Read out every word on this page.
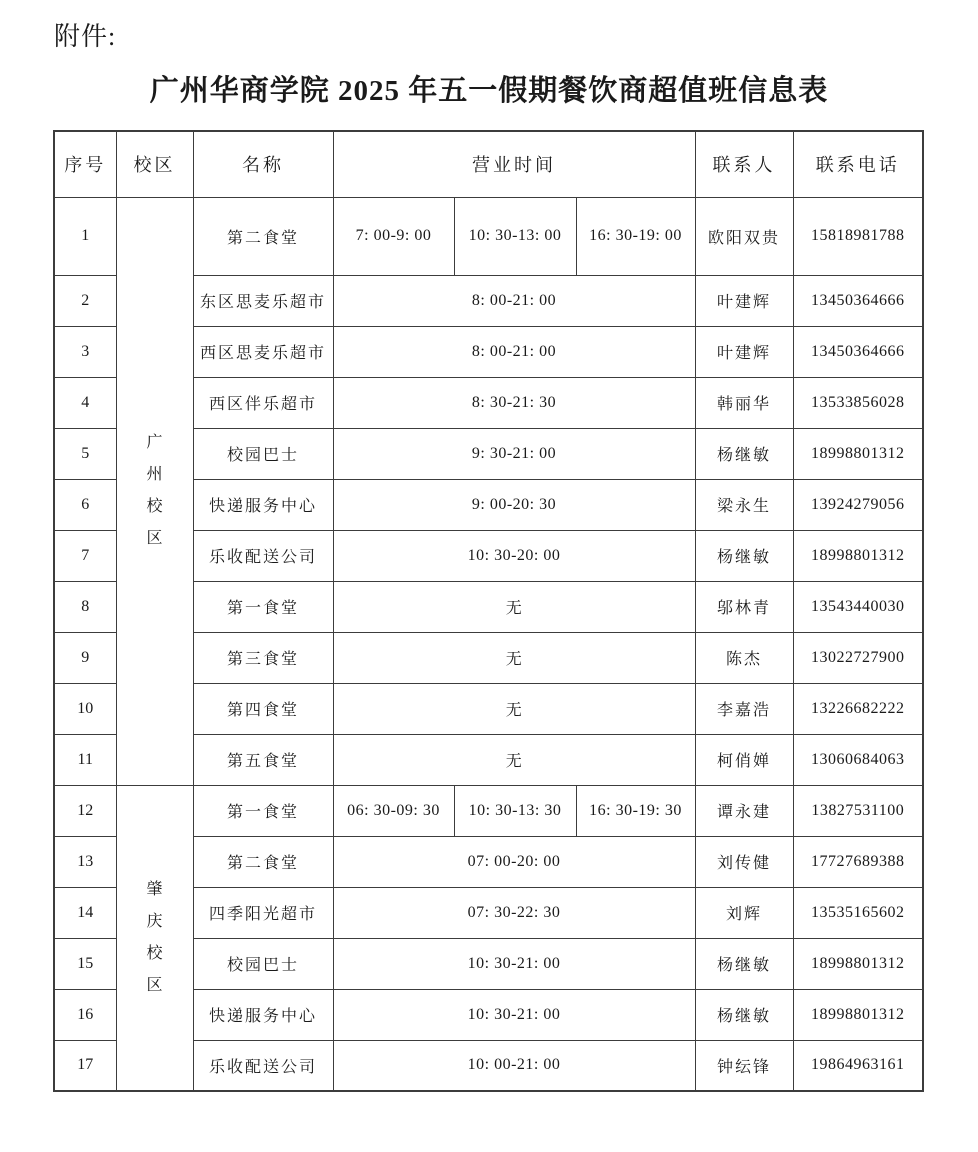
附件:
广州华商学院 2025 年五一假期餐饮商超值班信息表
序号	校区	名称	营业时间			联系人	联系电话
1	广
州
校
区	第二食堂	7: 00-9: 00	10: 30-13: 00	16: 30-19: 00	欧阳双贵	15818981788
2		东区思麦乐超市	8: 00-21: 00			叶建辉	13450364666
3		西区思麦乐超市	8: 00-21: 00			叶建辉	13450364666
4		西区伴乐超市	8: 30-21: 30			韩丽华	13533856028
5		校园巴士	9: 30-21: 00			杨继敏	18998801312
6		快递服务中心	9: 00-20: 30			梁永生	13924279056
7		乐收配送公司	10: 30-20: 00			杨继敏	18998801312
8		第一食堂	无			邬林青	13543440030
9		第三食堂	无			陈杰	13022727900
10		第四食堂	无			李嘉浩	13226682222
11		第五食堂	无			柯俏婵	13060684063
12	肇
庆
校
区	第一食堂	06: 30-09: 30	10: 30-13: 30	16: 30-19: 30	谭永建	13827531100
13		第二食堂	07: 00-20: 00			刘传健	17727689388
14		四季阳光超市	07: 30-22: 30			刘辉	13535165602
15		校园巴士	10: 30-21: 00			杨继敏	18998801312
16		快递服务中心	10: 30-21: 00			杨继敏	18998801312
17		乐收配送公司	10: 00-21: 00			钟纭锋	19864963161
